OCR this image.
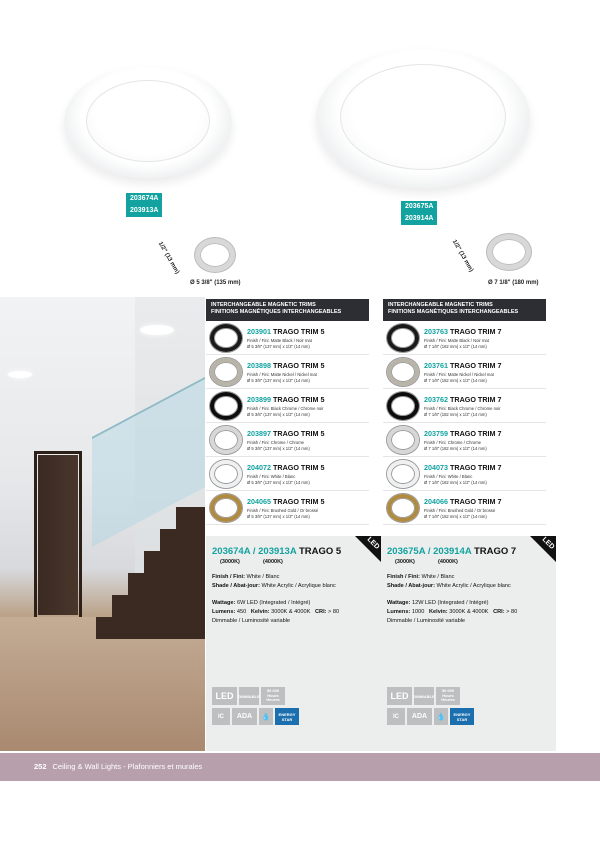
203674A
203913A
1/2" (13 mm)
Ø 5 3/8" (135 mm)
203675A
203914A
1/2" (13 mm)
Ø 7 1/8" (180 mm)
INTERCHANGEABLE MAGNETIC TRIMS
FINITIONS MAGNÉTIQUES INTERCHANGEABLES
203901 TRAGO TRIM 5
Finish / Fini: Matte Black / Noir mat
Ø 5 3/8" (137 mm) x 1/2" (14 mm)
203898 TRAGO TRIM 5
Finish / Fini: Matte Nickel / Nickel mat
Ø 5 3/8" (137 mm) x 1/2" (14 mm)
203899 TRAGO TRIM 5
Finish / Fini: Black Chrome / Chrome noir
Ø 5 3/8" (137 mm) x 1/2" (14 mm)
203897 TRAGO TRIM 5
Finish / Fini: Chrome / Chrome
Ø 5 3/8" (137 mm) x 1/2" (14 mm)
204072 TRAGO TRIM 5
Finish / Fini: White / Blanc
Ø 5 3/8" (137 mm) x 1/2" (14 mm)
204065 TRAGO TRIM 5
Finish / Fini: Brushed Gold / Or brossé
Ø 5 3/8" (137 mm) x 1/2" (14 mm)
INTERCHANGEABLE MAGNETIC TRIMS
FINITIONS MAGNÉTIQUES INTERCHANGEABLES
203763 TRAGO TRIM 7
Finish / Fini: Matte Black / Noir mat
Ø 7 1/8" (182 mm) x 1/2" (14 mm)
203761 TRAGO TRIM 7
Finish / Fini: Matte Nickel / Nickel mat
Ø 7 1/8" (182 mm) x 1/2" (14 mm)
203762 TRAGO TRIM 7
Finish / Fini: Black Chrome / Chrome noir
Ø 7 1/8" (182 mm) x 1/2" (14 mm)
203759 TRAGO TRIM 7
Finish / Fini: Chrome / Chrome
Ø 7 1/8" (182 mm) x 1/2" (14 mm)
204073 TRAGO TRIM 7
Finish / Fini: White / Blanc
Ø 7 1/8" (182 mm) x 1/2" (14 mm)
204066 TRAGO TRIM 7
Finish / Fini: Brushed Gold / Or brossé
Ø 7 1/8" (182 mm) x 1/2" (14 mm)
LED
203674A / 203913A TRAGO 5
(3000K)	(4000K)
Finish / Fini: White / Blanc
Shade / Abat-jour: White Acrylic / Acrylique blanc
Wattage: 6W LED (Integrated / Intégré)
Lumens: 450 Kelvin: 3000K & 4000K CRI: > 80
Dimmable / Luminosité variable
LED	DIMMABLE
50 000
Hours
Heures
IC	ADA	💧	ENERGY STAR
LED
203675A / 203914A TRAGO 7
(3000K)	(4000K)
Finish / Fini: White / Blanc
Shade / Abat-jour: White Acrylic / Acrylique blanc
Wattage: 12W LED (Integrated / Intégré)
Lumens: 1000 Kelvin: 3000K & 4000K CRI: > 80
Dimmable / Luminosité variable
LED	DIMMABLE
50 000
Hours
Heures
IC	ADA	💧	ENERGY STAR
252 Ceiling & Wall Lights - Plafonniers et murales
